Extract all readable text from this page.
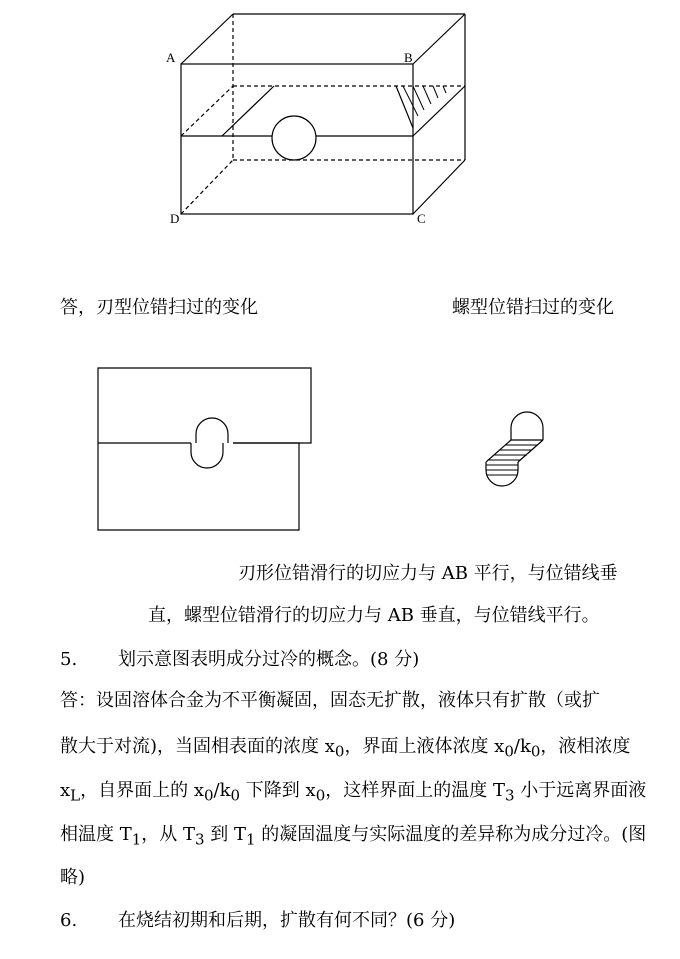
A	B
C
D
答，刃型位错扫过的变化	螺型位错扫过的变化
刃形位错滑行的切应力与 AB 平行，与位错线垂
直，螺型位错滑行的切应力与 AB 垂直，与位错线平行。
5. 划示意图表明成分过冷的概念。(8 分)
答：设固溶体合金为不平衡凝固，固态无扩散，液体只有扩散（或扩
散大于对流)，当固相表面的浓度 $x_0$，界面上液体浓度 $x_0/k_0$，液相浓度
$x_L$，自界面上的 $x_0/k_0$ 下降到 $x_0$，这样界面上的温度 $T_3$ 小于远离界面液
相温度 $T_1$，从 $T_3$ 到 $T_1$ 的凝固温度与实际温度的差异称为成分过冷。(图
略)
6. 在烧结初期和后期，扩散有何不同？(6 分)
